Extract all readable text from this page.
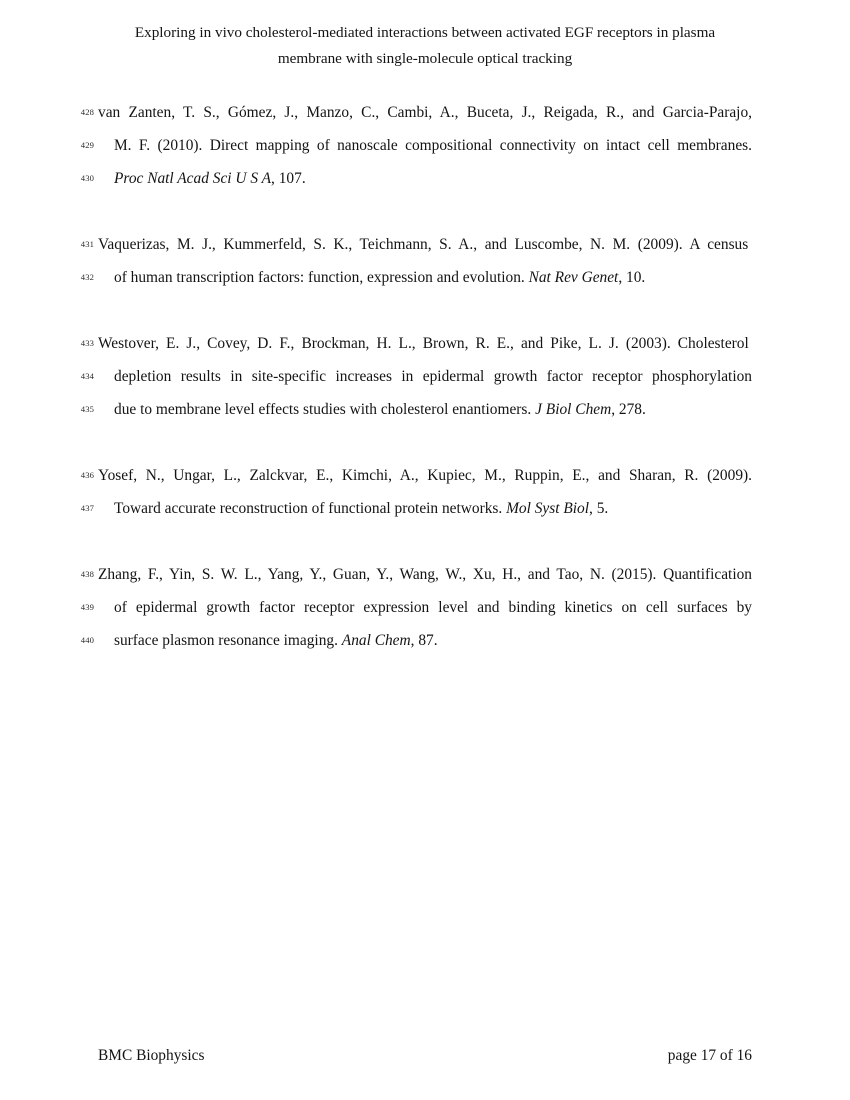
Exploring in vivo cholesterol-mediated interactions between activated EGF receptors in plasma
membrane with single-molecule optical tracking
428 van Zanten, T. S., Gómez, J., Manzo, C., Cambi, A., Buceta, J., Reigada, R., and Garcia-Parajo,
429 M. F. (2010). Direct mapping of nanoscale compositional connectivity on intact cell membranes.
430 Proc Natl Acad Sci U S A, 107.
431 Vaquerizas, M. J., Kummerfeld, S. K., Teichmann, S. A., and Luscombe, N. M. (2009). A census
432 of human transcription factors: function, expression and evolution. Nat Rev Genet, 10.
433 Westover, E. J., Covey, D. F., Brockman, H. L., Brown, R. E., and Pike, L. J. (2003). Cholesterol
434 depletion results in site-specific increases in epidermal growth factor receptor phosphorylation
435 due to membrane level effects studies with cholesterol enantiomers. J Biol Chem, 278.
436 Yosef, N., Ungar, L., Zalckvar, E., Kimchi, A., Kupiec, M., Ruppin, E., and Sharan, R. (2009).
437 Toward accurate reconstruction of functional protein networks. Mol Syst Biol, 5.
438 Zhang, F., Yin, S. W. L., Yang, Y., Guan, Y., Wang, W., Xu, H., and Tao, N. (2015). Quantification
439 of epidermal growth factor receptor expression level and binding kinetics on cell surfaces by
440 surface plasmon resonance imaging. Anal Chem, 87.
BMC Biophysics	page 17 of 16
